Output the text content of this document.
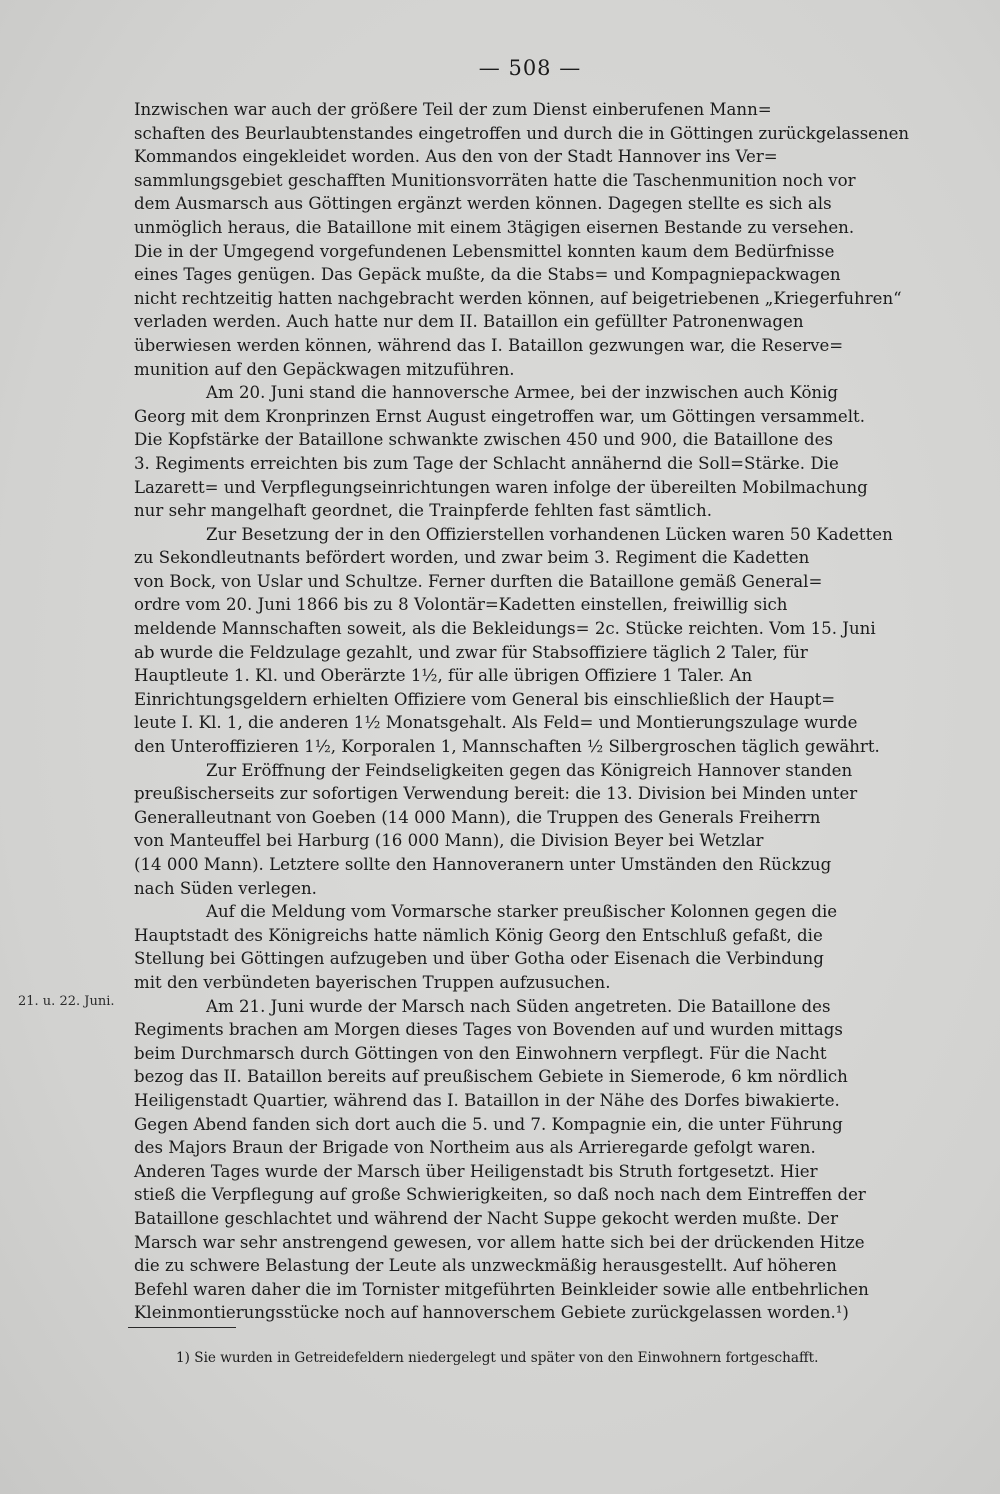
— 508 —
21. u. 22. Juni.
Inzwischen war auch der größere Teil der zum Dienst einberufenen Mann=
schaften des Beurlaubtenstandes eingetroffen und durch die in Göttingen zurückgelassenen
Kommandos eingekleidet worden. Aus den von der Stadt Hannover ins Ver=
sammlungsgebiet geschafften Munitionsvorräten hatte die Taschenmunition noch vor
dem Ausmarsch aus Göttingen ergänzt werden können. Dagegen stellte es sich als
unmöglich heraus, die Bataillone mit einem 3tägigen eisernen Bestande zu versehen.
Die in der Umgegend vorgefundenen Lebensmittel konnten kaum dem Bedürfnisse
eines Tages genügen. Das Gepäck mußte, da die Stabs= und Kompagniepackwagen
nicht rechtzeitig hatten nachgebracht werden können, auf beigetriebenen „Kriegerfuhren“
verladen werden. Auch hatte nur dem II. Bataillon ein gefüllter Patronenwagen
überwiesen werden können, während das I. Bataillon gezwungen war, die Reserve=
munition auf den Gepäckwagen mitzuführen.
Am 20. Juni stand die hannoversche Armee, bei der inzwischen auch König
Georg mit dem Kronprinzen Ernst August eingetroffen war, um Göttingen versammelt.
Die Kopfstärke der Bataillone schwankte zwischen 450 und 900, die Bataillone des
3. Regiments erreichten bis zum Tage der Schlacht annähernd die Soll=Stärke. Die
Lazarett= und Verpflegungseinrichtungen waren infolge der übereilten Mobilmachung
nur sehr mangelhaft geordnet, die Trainpferde fehlten fast sämtlich.
Zur Besetzung der in den Offizierstellen vorhandenen Lücken waren 50 Kadetten
zu Sekondleutnants befördert worden, und zwar beim 3. Regiment die Kadetten
von Bock, von Uslar und Schultze. Ferner durften die Bataillone gemäß General=
ordre vom 20. Juni 1866 bis zu 8 Volontär=Kadetten einstellen, freiwillig sich
meldende Mannschaften soweit, als die Bekleidungs= 2c. Stücke reichten. Vom 15. Juni
ab wurde die Feldzulage gezahlt, und zwar für Stabsoffiziere täglich 2 Taler, für
Hauptleute 1. Kl. und Oberärzte 1½, für alle übrigen Offiziere 1 Taler. An
Einrichtungsgeldern erhielten Offiziere vom General bis einschließlich der Haupt=
leute I. Kl. 1, die anderen 1½ Monatsgehalt. Als Feld= und Montierungszulage wurde
den Unteroffizieren 1½, Korporalen 1, Mannschaften ½ Silbergroschen täglich gewährt.
Zur Eröffnung der Feindseligkeiten gegen das Königreich Hannover standen
preußischerseits zur sofortigen Verwendung bereit: die 13. Division bei Minden unter
Generalleutnant von Goeben (14 000 Mann), die Truppen des Generals Freiherrn
von Manteuffel bei Harburg (16 000 Mann), die Division Beyer bei Wetzlar
(14 000 Mann). Letztere sollte den Hannoveranern unter Umständen den Rückzug
nach Süden verlegen.
Auf die Meldung vom Vormarsche starker preußischer Kolonnen gegen die
Hauptstadt des Königreichs hatte nämlich König Georg den Entschluß gefaßt, die
Stellung bei Göttingen aufzugeben und über Gotha oder Eisenach die Verbindung
mit den verbündeten bayerischen Truppen aufzusuchen.
Am 21. Juni wurde der Marsch nach Süden angetreten. Die Bataillone des
Regiments brachen am Morgen dieses Tages von Bovenden auf und wurden mittags
beim Durchmarsch durch Göttingen von den Einwohnern verpflegt. Für die Nacht
bezog das II. Bataillon bereits auf preußischem Gebiete in Siemerode, 6 km nördlich
Heiligenstadt Quartier, während das I. Bataillon in der Nähe des Dorfes biwakierte.
Gegen Abend fanden sich dort auch die 5. und 7. Kompagnie ein, die unter Führung
des Majors Braun der Brigade von Northeim aus als Arrieregarde gefolgt waren.
Anderen Tages wurde der Marsch über Heiligenstadt bis Struth fortgesetzt. Hier
stieß die Verpflegung auf große Schwierigkeiten, so daß noch nach dem Eintreffen der
Bataillone geschlachtet und während der Nacht Suppe gekocht werden mußte. Der
Marsch war sehr anstrengend gewesen, vor allem hatte sich bei der drückenden Hitze
die zu schwere Belastung der Leute als unzweckmäßig herausgestellt. Auf höheren
Befehl waren daher die im Tornister mitgeführten Beinkleider sowie alle entbehrlichen
Kleinmontierungsstücke noch auf hannoverschem Gebiete zurückgelassen worden.¹)
1) Sie wurden in Getreidefeldern niedergelegt und später von den Einwohnern fortgeschafft.
